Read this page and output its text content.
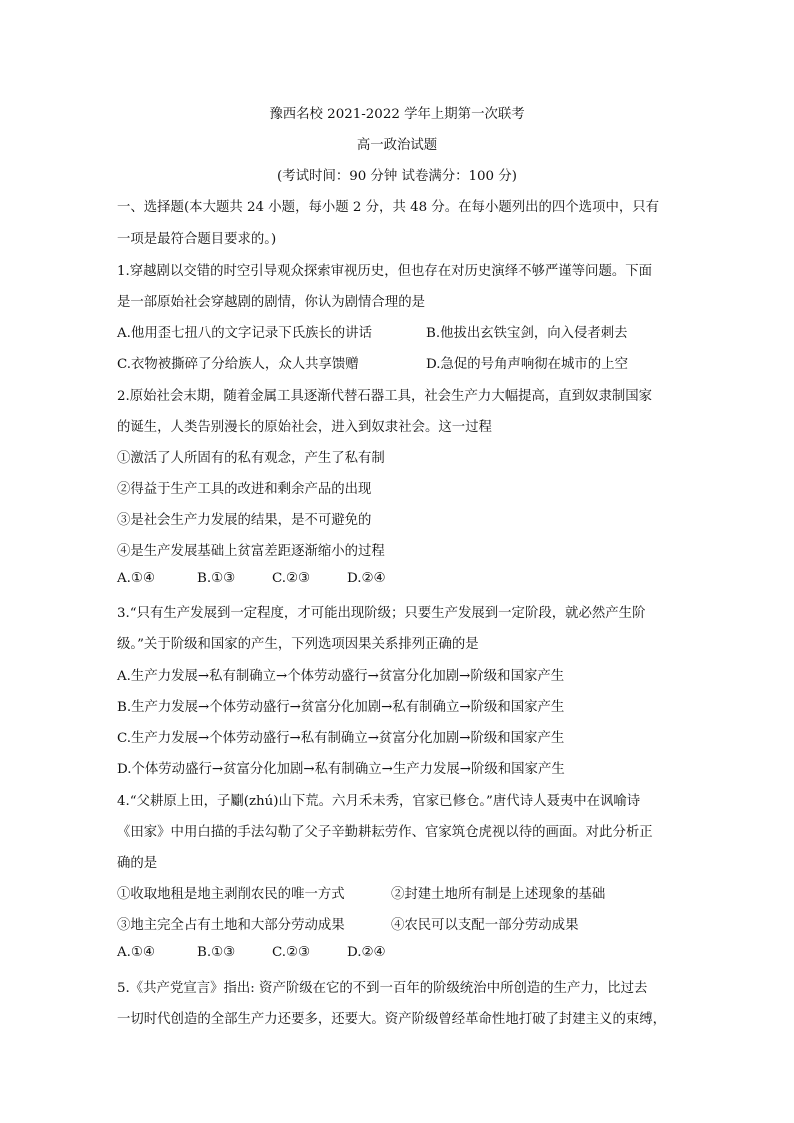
豫西名校 2021-2022 学年上期第一次联考
高一政治试题
(考试时间：90 分钟 试卷满分：100 分)
一、选择题(本大题共 24 小题，每小题 2 分，共 48 分。在每小题列出的四个选项中，只有
一项是最符合题目要求的。)
1.穿越剧以交错的时空引导观众探索审视历史，但也存在对历史演绎不够严谨等问题。下面
是一部原始社会穿越剧的剧情，你认为剧情合理的是
A.他用歪七扭八的文字记录下氏族长的讲话	B.他拔出玄铁宝剑，向入侵者刺去
C.衣物被撕碎了分给族人，众人共享馈赠	D.急促的号角声响彻在城市的上空
2.原始社会末期，随着金属工具逐渐代替石器工具，社会生产力大幅提高，直到奴隶制国家
的诞生，人类告别漫长的原始社会，进入到奴隶社会。这一过程
①激活了人所固有的私有观念，产生了私有制
②得益于生产工具的改进和剩余产品的出现
③是社会生产力发展的结果，是不可避免的
④是生产发展基础上贫富差距逐渐缩小的过程
A.①④	B.①③	C.②③	D.②④
3.“只有生产发展到一定程度，才可能出现阶级；只要生产发展到一定阶段，就必然产生阶
级。”关于阶级和国家的产生，下列选项因果关系排列正确的是
A.生产力发展→私有制确立→个体劳动盛行→贫富分化加剧→阶级和国家产生
B.生产力发展→个体劳动盛行→贫富分化加剧→私有制确立→阶级和国家产生
C.生产力发展→个体劳动盛行→私有制确立→贫富分化加剧→阶级和国家产生
D.个体劳动盛行→贫富分化加剧→私有制确立→生产力发展→阶级和国家产生
4.“父耕原上田，子劚(zhú)山下荒。六月禾未秀，官家已修仓。”唐代诗人聂夷中在讽喻诗
《田家》中用白描的手法勾勒了父子辛勤耕耘劳作、官家筑仓虎视以待的画面。对此分析正
确的是
①收取地租是地主剥削农民的唯一方式	②封建土地所有制是上述现象的基础
③地主完全占有土地和大部分劳动成果	④农民可以支配一部分劳动成果
A.①④	B.①③	C.②③	D.②④
5.《共产党宣言》指出: 资产阶级在它的不到一百年的阶级统治中所创造的生产力，比过去
一切时代创造的全部生产力还要多，还要大。资产阶级曾经革命性地打破了封建主义的束缚，
